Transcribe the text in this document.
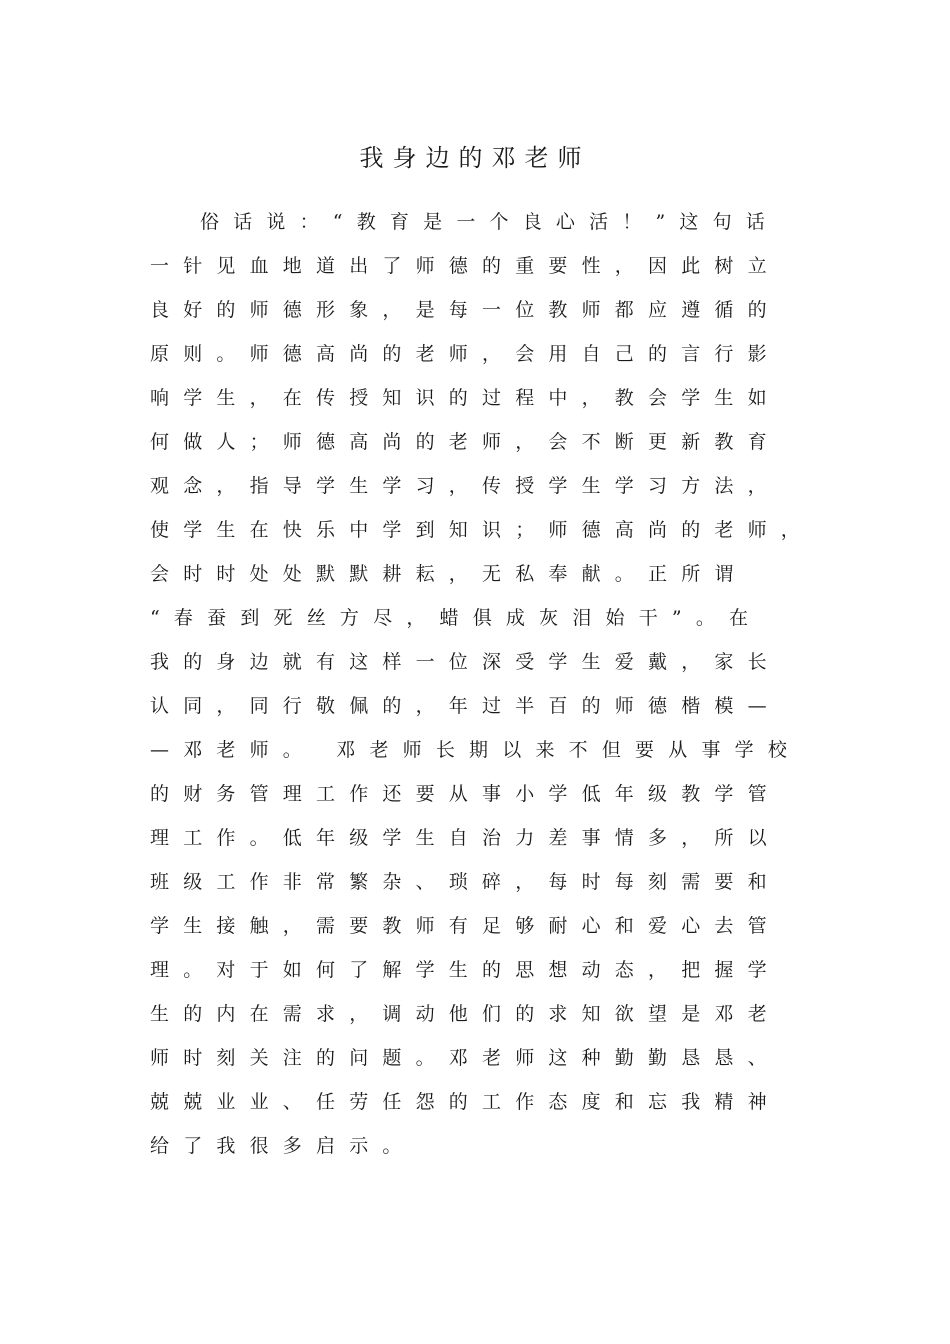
我身边的邓老师
俗话说：“教育是一个良心活！”这句话
一针见血地道出了师德的重要性，因此树立
良好的师德形象，是每一位教师都应遵循的
原则。师德高尚的老师，会用自己的言行影
响学生，在传授知识的过程中，教会学生如
何做人；师德高尚的老师，会不断更新教育
观念，指导学生学习，传授学生学习方法，
使学生在快乐中学到知识；师德高尚的老师，
会时时处处默默耕耘，无私奉献。正所谓
“春蚕到死丝方尽，蜡俱成灰泪始干”。在
我的身边就有这样一位深受学生爱戴，家长
认同，同行敬佩的，年过半百的师德楷模—
—邓老师。 邓老师长期以来不但要从事学校
的财务管理工作还要从事小学低年级教学管
理工作。低年级学生自治力差事情多，所以
班级工作非常繁杂、琐碎，每时每刻需要和
学生接触，需要教师有足够耐心和爱心去管
理。对于如何了解学生的思想动态，把握学
生的内在需求，调动他们的求知欲望是邓老
师时刻关注的问题。邓老师这种勤勤恳恳、
兢兢业业、任劳任怨的工作态度和忘我精神
给了我很多启示。
